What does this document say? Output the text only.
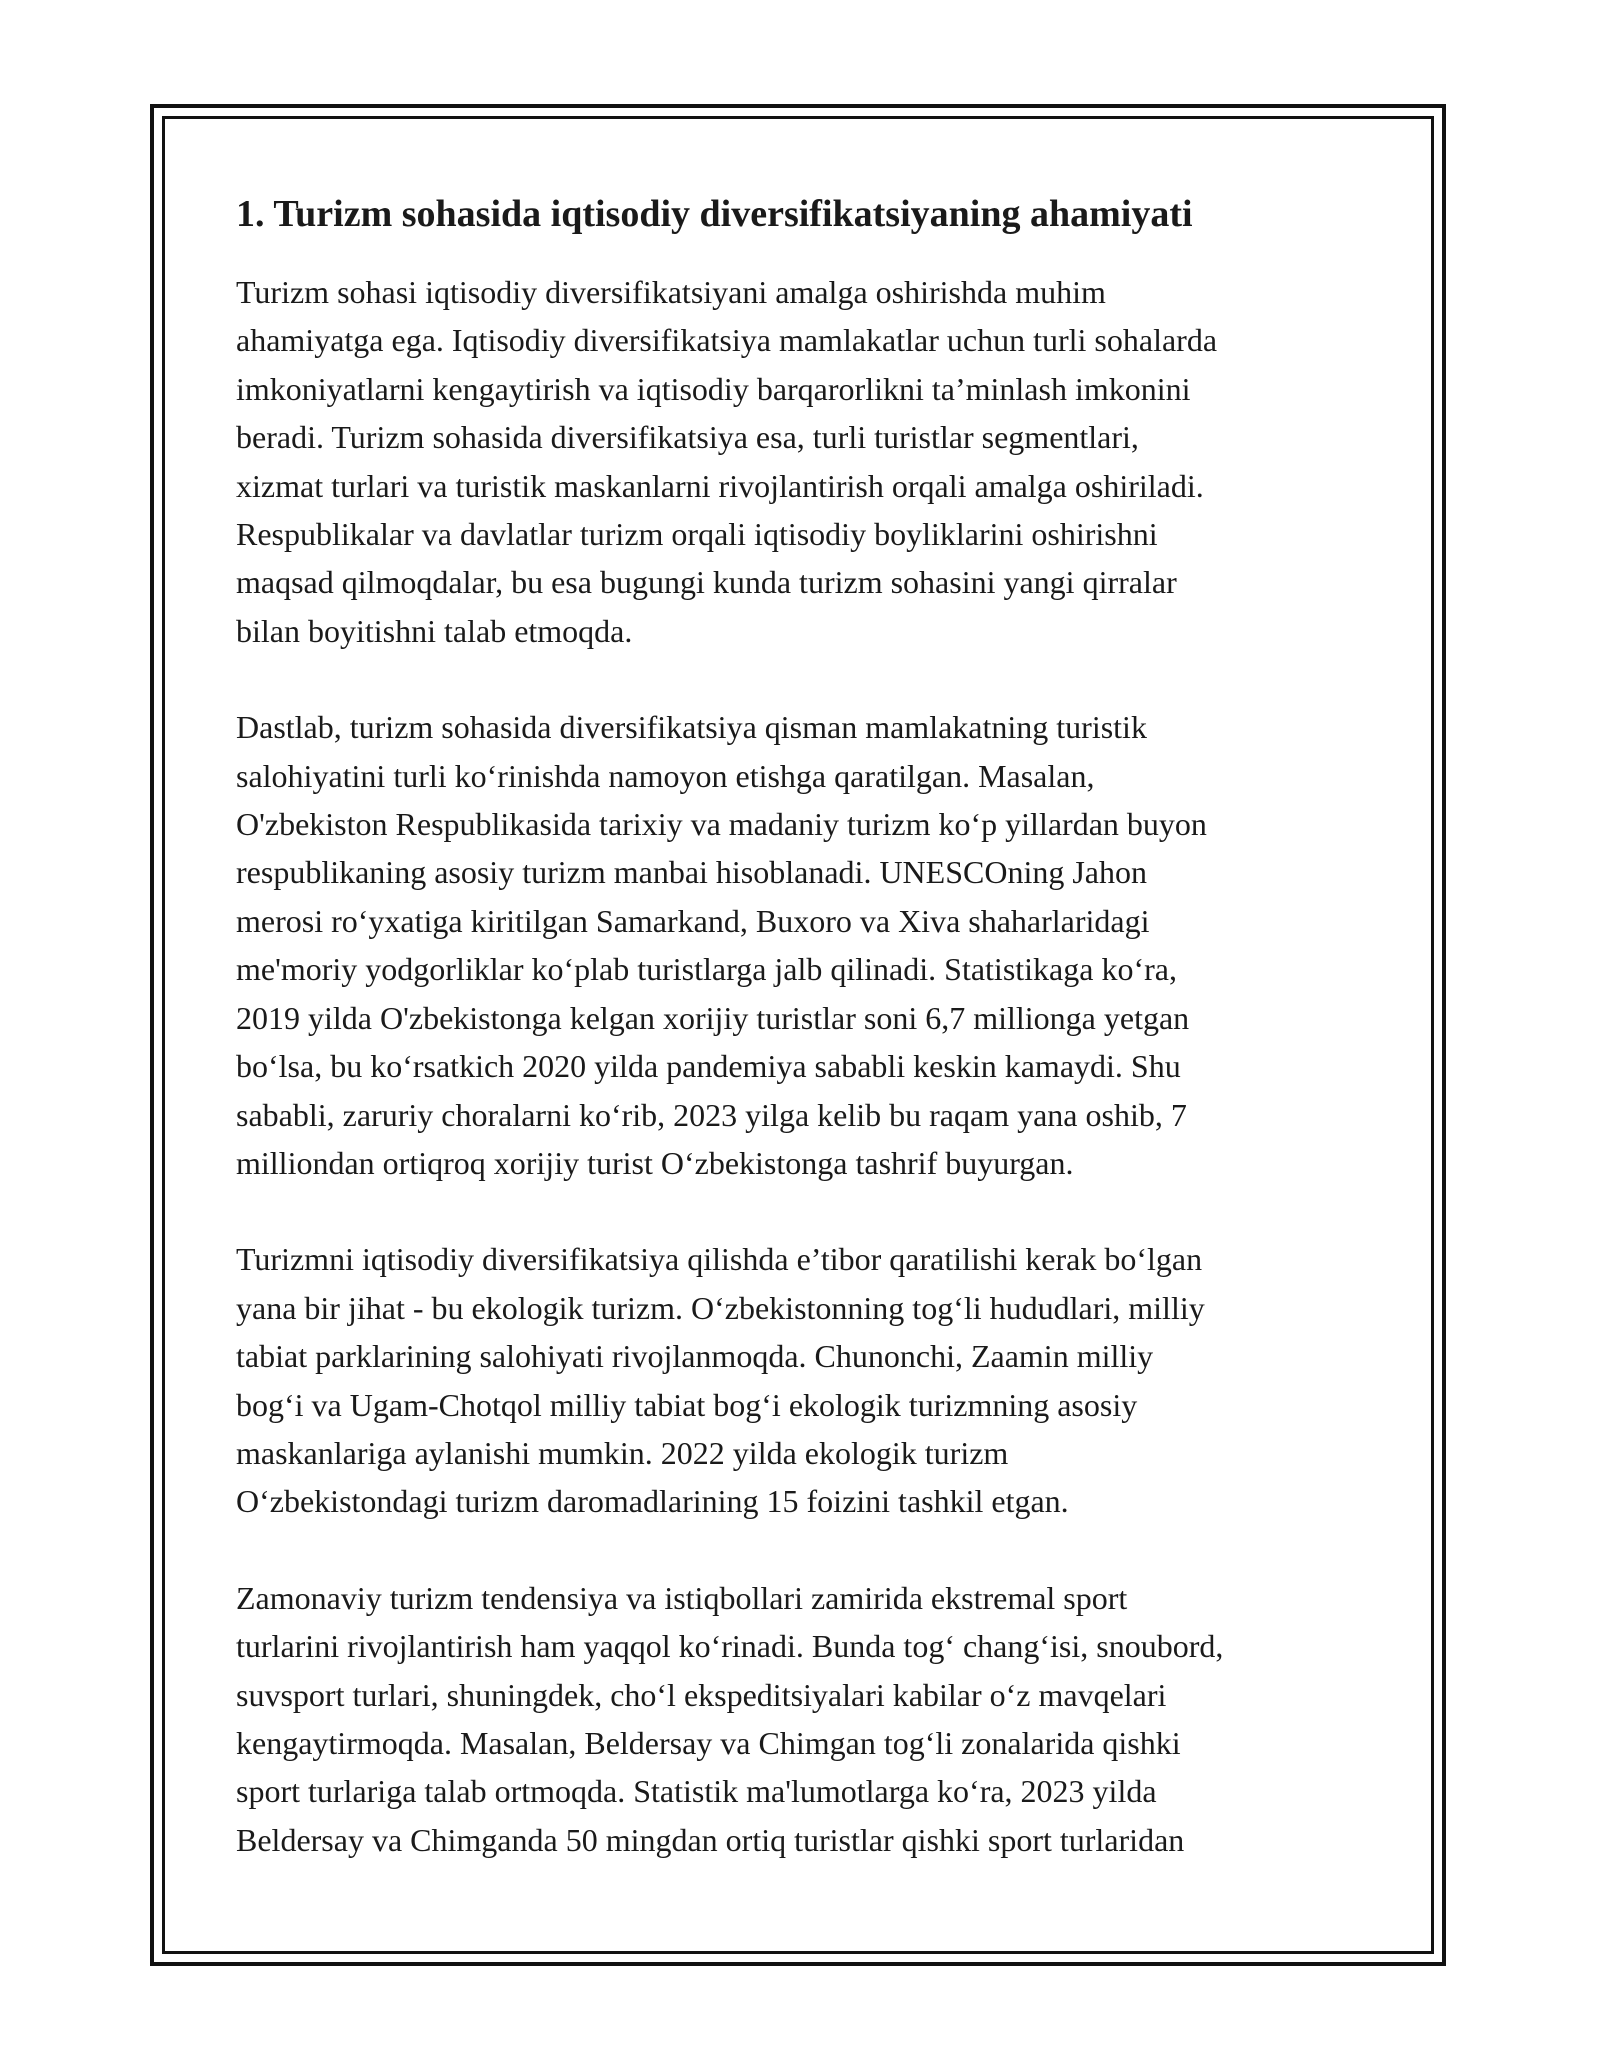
1. Turizm sohasida iqtisodiy diversifikatsiyaning ahamiyati

Turizm sohasi iqtisodiy diversifikatsiyani amalga oshirishda muhim
ahamiyatga ega. Iqtisodiy diversifikatsiya mamlakatlar uchun turli sohalarda
imkoniyatlarni kengaytirish va iqtisodiy barqarorlikni ta’minlash imkonini
beradi. Turizm sohasida diversifikatsiya esa, turli turistlar segmentlari,
xizmat turlari va turistik maskanlarni rivojlantirish orqali amalga oshiriladi.
Respublikalar va davlatlar turizm orqali iqtisodiy boyliklarini oshirishni
maqsad qilmoqdalar, bu esa bugungi kunda turizm sohasini yangi qirralar
bilan boyitishni talab etmoqda.

Dastlab, turizm sohasida diversifikatsiya qisman mamlakatning turistik
salohiyatini turli koʻrinishda namoyon etishga qaratilgan. Masalan,
O'zbekiston Respublikasida tarixiy va madaniy turizm koʻp yillardan buyon
respublikaning asosiy turizm manbai hisoblanadi. UNESCOning Jahon
merosi roʻyxatiga kiritilgan Samarkand, Buxoro va Xiva shaharlaridagi
me'moriy yodgorliklar koʻplab turistlarga jalb qilinadi. Statistikaga koʻra,
2019 yilda O'zbekistonga kelgan xorijiy turistlar soni 6,7 millionga yetgan
boʻlsa, bu koʻrsatkich 2020 yilda pandemiya sababli keskin kamaydi. Shu
sababli, zaruriy choralarni koʻrib, 2023 yilga kelib bu raqam yana oshib, 7
milliondan ortiqroq xorijiy turist Oʻzbekistonga tashrif buyurgan.

Turizmni iqtisodiy diversifikatsiya qilishda e’tibor qaratilishi kerak boʻlgan
yana bir jihat - bu ekologik turizm. Oʻzbekistonning togʻli hududlari, milliy
tabiat parklarining salohiyati rivojlanmoqda. Chunonchi, Zaamin milliy
bogʻi va Ugam-Chotqol milliy tabiat bogʻi ekologik turizmning asosiy
maskanlariga aylanishi mumkin. 2022 yilda ekologik turizm
Oʻzbekistondagi turizm daromadlarining 15 foizini tashkil etgan.

Zamonaviy turizm tendensiya va istiqbollari zamirida ekstremal sport
turlarini rivojlantirish ham yaqqol koʻrinadi. Bunda togʻ changʻisi, snoubord,
suvsport turlari, shuningdek, choʻl ekspeditsiyalari kabilar oʻz mavqelari
kengaytirmoqda. Masalan, Beldersay va Chimgan togʻli zonalarida qishki
sport turlariga talab ortmoqda. Statistik ma'lumotlarga koʻra, 2023 yilda
Beldersay va Chimganda 50 mingdan ortiq turistlar qishki sport turlaridan
